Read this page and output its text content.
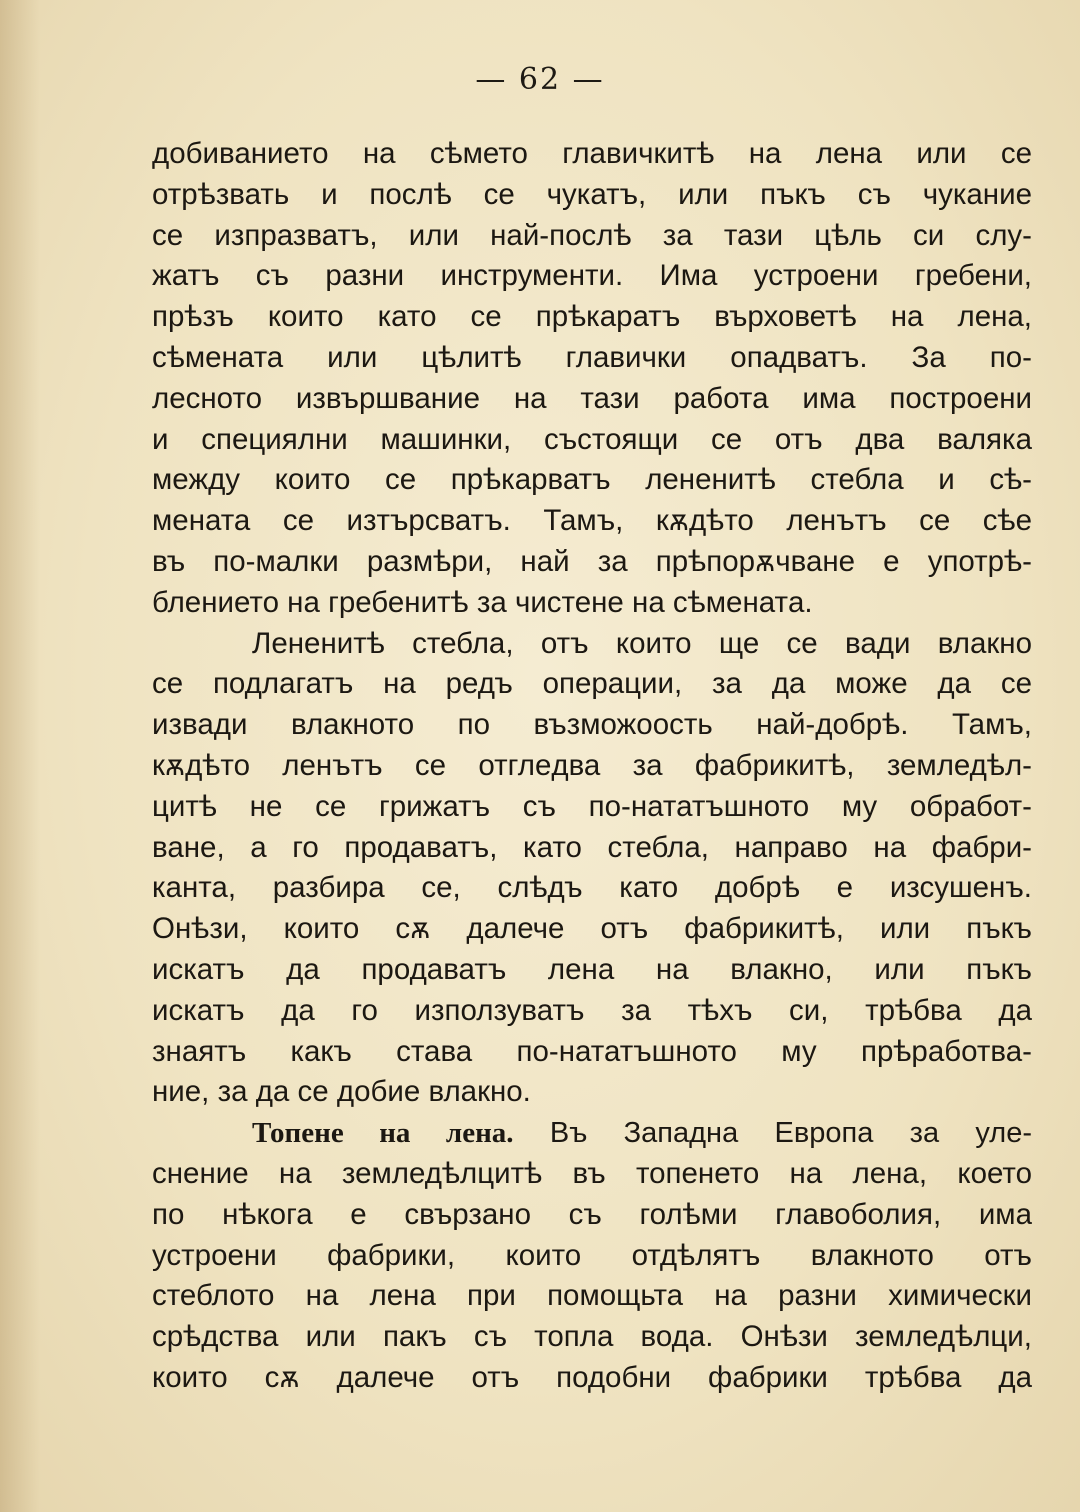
— 62 —
добиванието на сѣмето главичкитѣ на лена или се
отрѣзвать и послѣ се чукатъ, или пъкъ съ чукание
се изпразватъ, или най-послѣ за тази цѣль си слу-
жатъ съ разни инструменти. Има устроени гребени,
прѣзъ които като се прѣкаратъ върховетѣ на лена,
сѣмената или цѣлитѣ главички опадватъ. За по-
лесното извършвание на тази работа има построени
и специялни машинки, състоящи се отъ два валяка
между които се прѣкарватъ лененитѣ стебла и сѣ-
мената се изтърсватъ. Тамъ, кѫдѣто ленътъ се сѣе
въ по-малки размѣри, най за прѣпорѫчване е употрѣ-
блението на гребенитѣ за чистене на сѣменатa.
Лененитѣ стебла, отъ които ще се вади влакно
се подлагатъ на редъ операции, за да може да се
извади влакното по възможоость най-добрѣ. Тамъ,
кѫдѣто ленътъ се отглeдва за фабрикитѣ, земледѣл-
цитѣ не се грижатъ съ по-нататъшното му обработ-
ване, а го продаватъ, като стебла, направо на фабри-
канта, разбира се, слѣдъ като добрѣ е изсушенъ.
Онѣзи, които сѫ далече отъ фабрикитѣ, или пъкъ
искатъ да продаватъ лена на влакно, или пъкъ
искатъ да го използуватъ за тѣхъ си, трѣбва да
знаятъ какъ става по-нататъшното му прѣработва-
ние, за да се добие влакно.
Топене на лена. Въ Западна Европа за уле-
снение на земледѣлцитѣ въ топенето на лена, което
по нѣкога е свързано съ голѣми главоболия, има
устроени фабрики, които отдѣлятъ влакното отъ
стеблото на лена при помощьта на разни химически
срѣдства или пакъ съ топла вода. Онѣзи земледѣлци,
които сѫ далече отъ подобни фабрики трѣбва да
